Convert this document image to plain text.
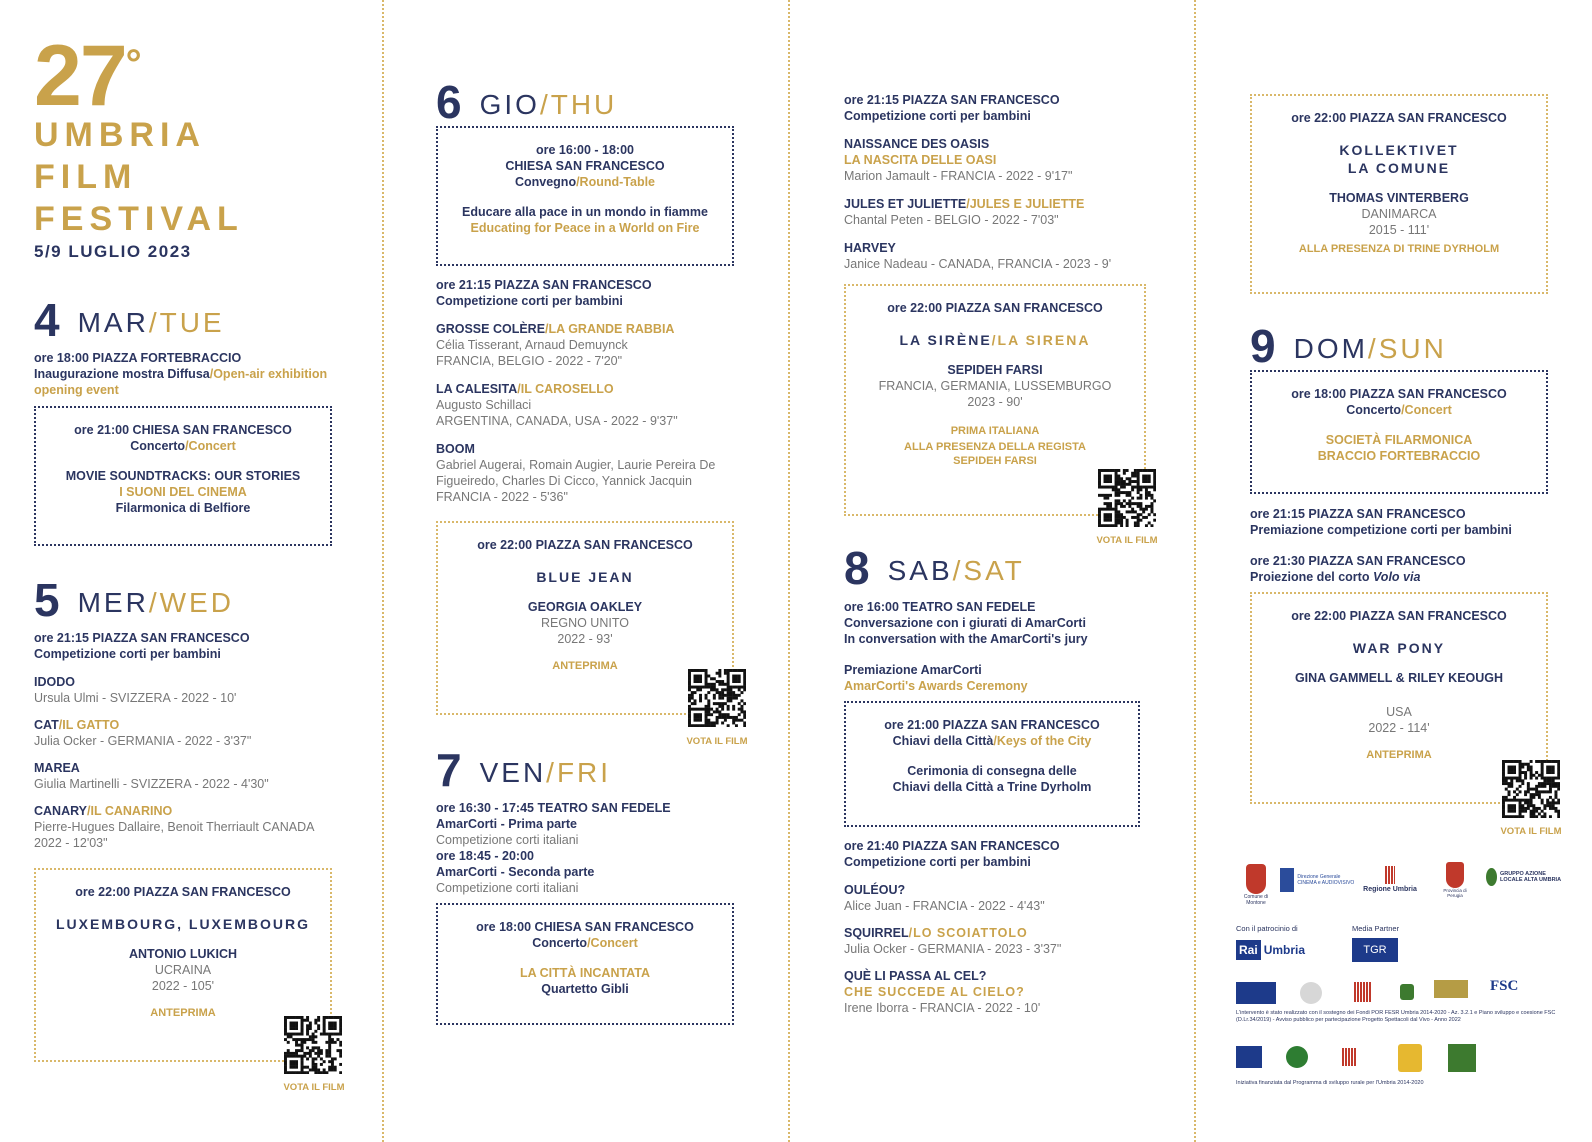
27°
UMBRIA
FILM
FESTIVAL
5/9 LUGLIO 2023
4 MAR/TUE
ore 18:00 PIAZZA FORTEBRACCIO
Inaugurazione mostra Diffusa/Open-air exhibition opening event
ore 21:00 CHIESA SAN FRANCESCO
Concerto/Concert
MOVIE SOUNDTRACKS: OUR STORIES
I SUONI DEL CINEMA
Filarmonica di Belfiore
5 MER/WED
ore 21:15 PIAZZA SAN FRANCESCO
Competizione corti per bambini
IDODO
Ursula Ulmi - SVIZZERA - 2022 - 10'
CAT/IL GATTO
Julia Ocker - GERMANIA - 2022 - 3'37"
MAREA
Giulia Martinelli - SVIZZERA - 2022 - 4'30"
CANARY/IL CANARINO
Pierre-Hugues Dallaire, Benoit Therriault CANADA 2022 - 12'03"
ore 22:00 PIAZZA SAN FRANCESCO
LUXEMBOURG, LUXEMBOURG
ANTONIO LUKICH
UCRAINA
2022 - 105'
ANTEPRIMA
VOTA IL FILM
6 GIO/THU
ore 16:00 - 18:00
CHIESA SAN FRANCESCO
Convegno/Round-Table
Educare alla pace in un mondo in fiamme
Educating for Peace in a World on Fire
ore 21:15 PIAZZA SAN FRANCESCO
Competizione corti per bambini
GROSSE COLÈRE/LA GRANDE RABBIA
Célia Tisserant, Arnaud Demuynck
FRANCIA, BELGIO - 2022 - 7'20"
LA CALESITA/IL CAROSELLO
Augusto Schillaci
ARGENTINA, CANADA, USA - 2022 - 9'37"
BOOM
Gabriel Augerai, Romain Augier, Laurie Pereira De Figueiredo, Charles Di Cicco, Yannick Jacquin
FRANCIA - 2022 - 5'36"
ore 22:00 PIAZZA SAN FRANCESCO
BLUE JEAN
GEORGIA OAKLEY
REGNO UNITO
2022 - 93'
ANTEPRIMA
VOTA IL FILM
7 VEN/FRI
ore 16:30 - 17:45 TEATRO SAN FEDELE
AmarCorti - Prima parte
Competizione corti italiani
ore 18:45 - 20:00
AmarCorti - Seconda parte
Competizione corti italiani
ore 18:00 CHIESA SAN FRANCESCO
Concerto/Concert
LA CITTÀ INCANTATA
Quartetto Gibli
ore 21:15 PIAZZA SAN FRANCESCO
Competizione corti per bambini
NAISSANCE DES OASIS
LA NASCITA DELLE OASI
Marion Jamault - FRANCIA - 2022 - 9'17"
JULES ET JULIETTE/JULES E JULIETTE
Chantal Peten - BELGIO - 2022 - 7'03"
HARVEY
Janice Nadeau - CANADA, FRANCIA - 2023 - 9'
ore 22:00 PIAZZA SAN FRANCESCO
LA SIRÈNE/LA SIRENA
SEPIDEH FARSI
FRANCIA, GERMANIA, LUSSEMBURGO
2023 - 90'
PRIMA ITALIANA
ALLA PRESENZA DELLA REGISTA
SEPIDEH FARSI
VOTA IL FILM
8 SAB/SAT
ore 16:00 TEATRO SAN FEDELE
Conversazione con i giurati di AmarCorti
In conversation with the AmarCorti's jury
Premiazione AmarCorti
AmarCorti's Awards Ceremony
ore 21:00 PIAZZA SAN FRANCESCO
Chiavi della Città/Keys of the City
Cerimonia di consegna delle
Chiavi della Città a Trine Dyrholm
ore 21:40 PIAZZA SAN FRANCESCO
Competizione corti per bambini
OULÉOU?
Alice Juan - FRANCIA - 2022 - 4'43"
SQUIRREL/LO SCOIATTOLO
Julia Ocker - GERMANIA - 2023 - 3'37"
QUÈ LI PASSA AL CEL?
CHE SUCCEDE AL CIELO?
Irene Iborra - FRANCIA - 2022 - 10'
ore 22:00 PIAZZA SAN FRANCESCO
KOLLEKTIVET
LA COMUNE
THOMAS VINTERBERG
DANIMARCA
2015 - 111'
ALLA PRESENZA DI TRINE DYRHOLM
9 DOM/SUN
ore 18:00 PIAZZA SAN FRANCESCO
Concerto/Concert
SOCIETÀ FILARMONICA
BRACCIO FORTEBRACCIO
ore 21:15 PIAZZA SAN FRANCESCO
Premiazione competizione corti per bambini
ore 21:30 PIAZZA SAN FRANCESCO
Proiezione del corto Volo via
ore 22:00 PIAZZA SAN FRANCESCO
WAR PONY
GINA GAMMELL & RILEY KEOUGH
USA
2022 - 114'
ANTEPRIMA
VOTA IL FILM
Comune di Montone
Direzione Generale CINEMA e AUDIOVISIVO
Regione Umbria	Provincia di Perugia
GRUPPO AZIONE LOCALE ALTA UMBRIA
Con il patrocinio di	Media Partner
Rai Umbria	TGR
FSC
L'intervento è stato realizzato con il sostegno dei Fondi POR FESR Umbria 2014-2020 - Az. 3.2.1 e Piano sviluppo e coesione FSC (D.Lr.34/2019) - Avviso pubblico per partecipazione Progetto Spettacoli dal Vivo - Anno 2022
Iniziativa finanziata dal Programma di sviluppo rurale per l'Umbria 2014-2020
